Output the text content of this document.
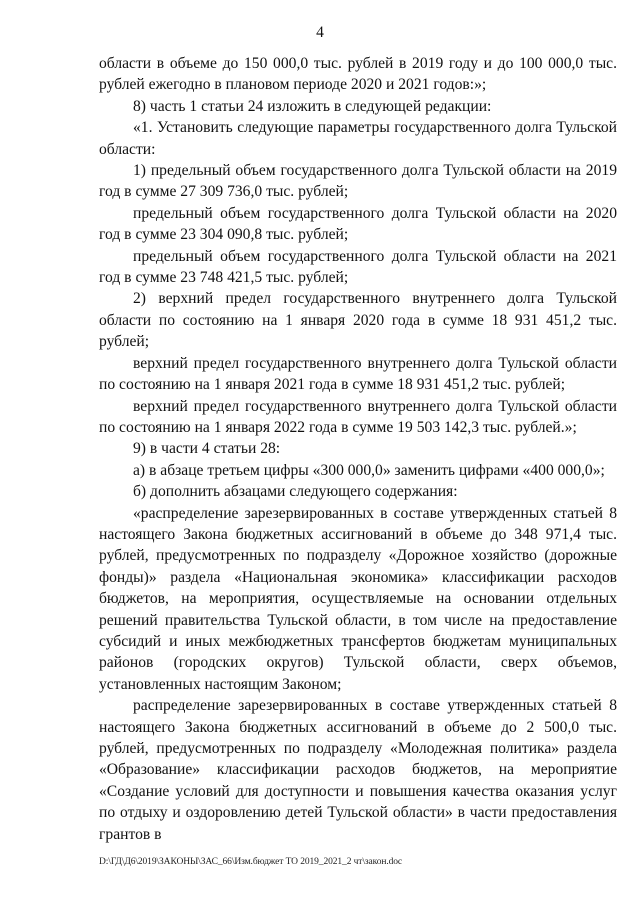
4

области в объеме до 150 000,0 тыс. рублей в 2019 году и до 100 000,0 тыс. рублей ежегодно в плановом периоде 2020 и 2021 годов:»;

8) часть 1 статьи 24 изложить в следующей редакции:

«1. Установить следующие параметры государственного долга Тульской области:

1) предельный объем государственного долга Тульской области на 2019 год в сумме 27 309 736,0 тыс. рублей;

предельный объем государственного долга Тульской области на 2020 год в сумме 23 304 090,8 тыс. рублей;

предельный объем государственного долга Тульской области на 2021 год в сумме 23 748 421,5 тыс. рублей;

2) верхний предел государственного внутреннего долга Тульской области по состоянию на 1 января 2020 года в сумме 18 931 451,2 тыс. рублей;

верхний предел государственного внутреннего долга Тульской области по состоянию на 1 января 2021 года в сумме 18 931 451,2 тыс. рублей;

верхний предел государственного внутреннего долга Тульской области по состоянию на 1 января 2022 года в сумме 19 503 142,3 тыс. рублей.»;

9) в части 4 статьи 28:

а) в абзаце третьем цифры «300 000,0» заменить цифрами «400 000,0»;

б) дополнить абзацами следующего содержания:

«распределение зарезервированных в составе утвержденных статьей 8 настоящего Закона бюджетных ассигнований в объеме до 348 971,4 тыс. рублей, предусмотренных по подразделу «Дорожное хозяйство (дорожные фонды)» раздела «Национальная экономика» классификации расходов бюджетов, на мероприятия, осуществляемые на основании отдельных решений правительства Тульской области, в том числе на предоставление субсидий и иных межбюджетных трансфертов бюджетам муниципальных районов (городских округов) Тульской области, сверх объемов, установленных настоящим Законом;

распределение зарезервированных в составе утвержденных статьей 8 настоящего Закона бюджетных ассигнований в объеме до 2 500,0 тыс. рублей, предусмотренных по подразделу «Молодежная политика» раздела «Образование» классификации расходов бюджетов, на мероприятие «Создание условий для доступности и повышения качества оказания услуг по отдыху и оздоровлению детей Тульской области» в части предоставления грантов в

D:\ГД\Д6\2019\ЗАКОНЫ\ЗАС_66\Изм.бюджет ТО 2019_2021_2 чт\закон.doc
